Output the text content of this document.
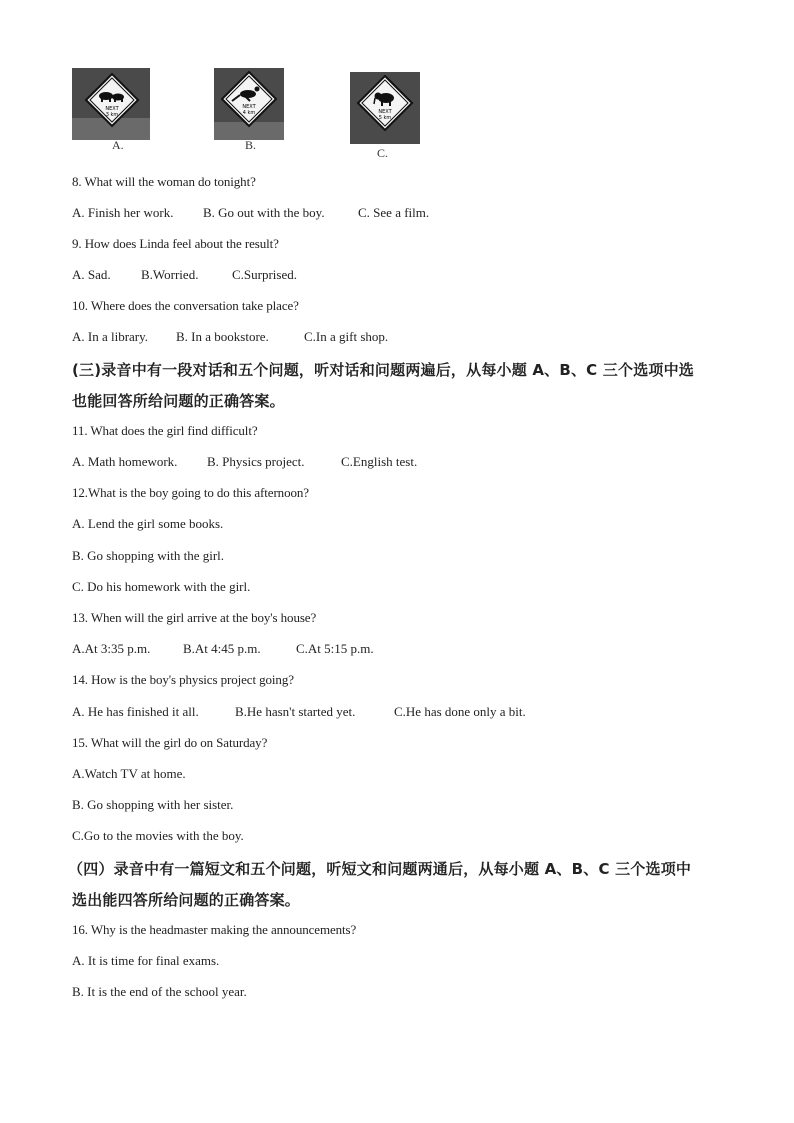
NEXT
3 km
A.
NEXT
4 km
B.
NEXT
5 km
C.
8. What will the woman do tonight?
A. Finish her work. B. Go out with the boy.	C. See a film.
9. How does Linda feel about the result?
A. Sad. B.Worried.	C.Surprised.
10. Where does the conversation take place?
A. In a library. B. In a bookstore.	C.In a gift shop.
(三)录音中有一段对话和五个问题，听对话和问题两遍后，从每小题 A、B、C 三个选项中选
也能回答所给问题的正确答案。
11. What does the girl find difficult?
A. Math homework. B. Physics project.	C.English test.
12.What is the boy going to do this afternoon?
A. Lend the girl some books.
B. Go shopping with the girl.
C. Do his homework with the girl.
13. When will the girl arrive at the boy's house?
A.At 3:35 p.m.	B.At 4:45 p.m.	C.At 5:15 p.m.
14. How is the boy's physics project going?
A. He has finished it all.	B.He hasn't started yet.	C.He has done only a bit.
15. What will the girl do on Saturday?
A.Watch TV at home.
B. Go shopping with her sister.
C.Go to the movies with the boy.
（四）录音中有一篇短文和五个问题，听短文和问题两通后，从每小题 A、B、C 三个选项中
选出能四答所给问题的正确答案。
16. Why is the headmaster making the announcements?
A. It is time for final exams.
B. It is the end of the school year.
